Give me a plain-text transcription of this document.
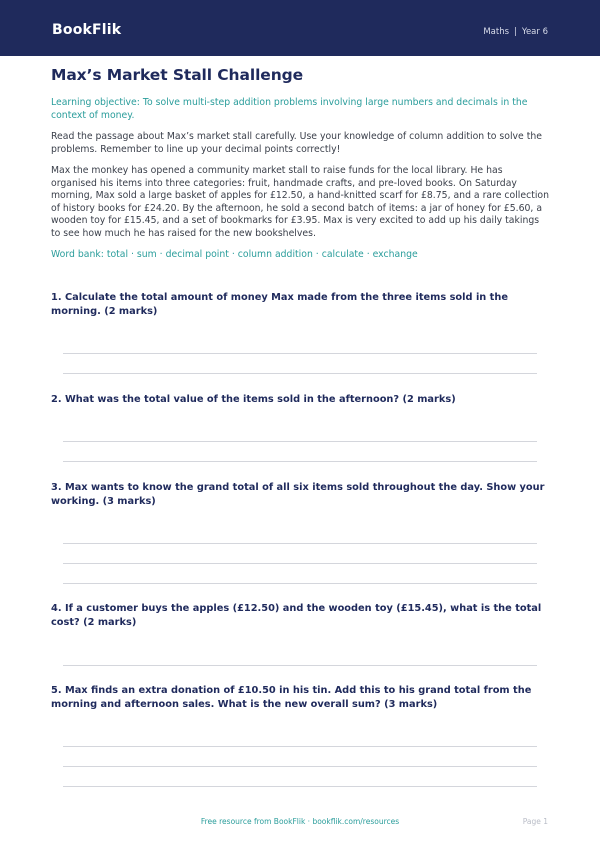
BookFlik	Maths | Year 6
Max’s Market Stall Challenge
Learning objective: To solve multi-step addition problems involving large numbers and decimals in the context of money.
Read the passage about Max’s market stall carefully. Use your knowledge of column addition to solve the problems. Remember to line up your decimal points correctly!
Max the monkey has opened a community market stall to raise funds for the local library. He has organised his items into three categories: fruit, handmade crafts, and pre-loved books. On Saturday morning, Max sold a large basket of apples for £12.50, a hand-knitted scarf for £8.75, and a rare collection of history books for £24.20. By the afternoon, he sold a second batch of items: a jar of honey for £5.60, a wooden toy for £15.45, and a set of bookmarks for £3.95. Max is very excited to add up his daily takings to see how much he has raised for the new bookshelves.
Word bank: total · sum · decimal point · column addition · calculate · exchange
1. Calculate the total amount of money Max made from the three items sold in the morning. (2 marks)
2. What was the total value of the items sold in the afternoon? (2 marks)
3. Max wants to know the grand total of all six items sold throughout the day. Show your working. (3 marks)
4. If a customer buys the apples (£12.50) and the wooden toy (£15.45), what is the total cost? (2 marks)
5. Max finds an extra donation of £10.50 in his tin. Add this to his grand total from the morning and afternoon sales. What is the new overall sum? (3 marks)
Free resource from BookFlik · bookflik.com/resources	Page 1
